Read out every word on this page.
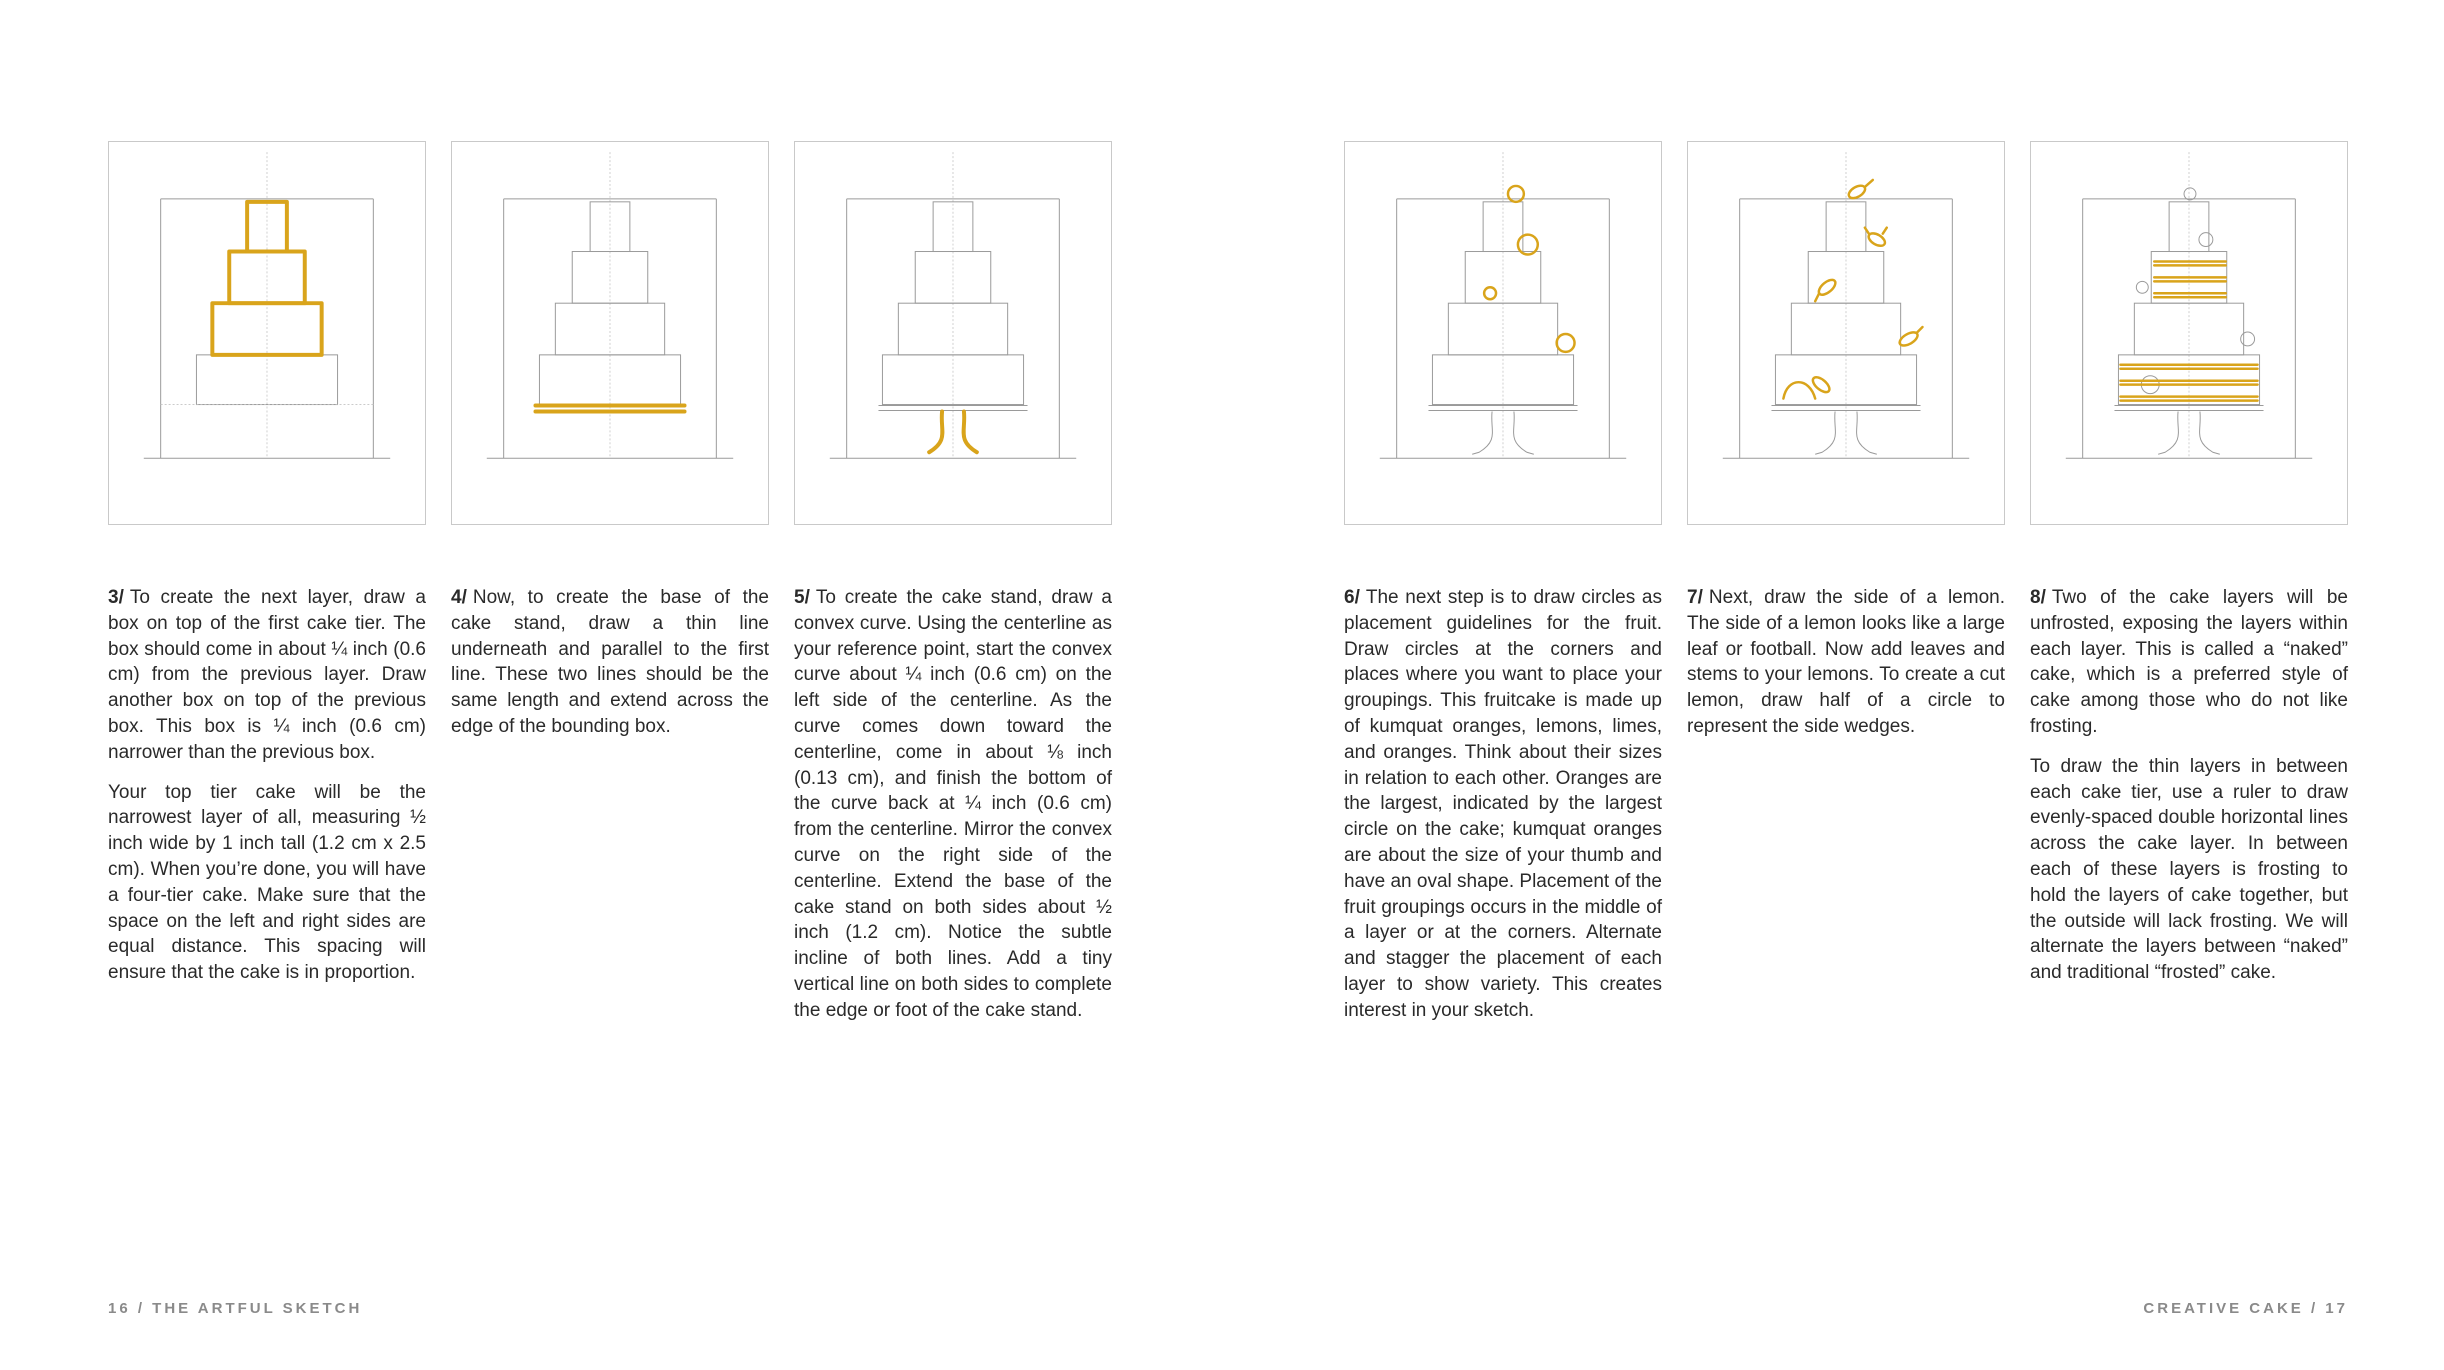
3/ To create the next layer, draw a box on top of the first cake tier. The box should come in about ¼ inch (0.6 cm) from the previous layer. Draw another box on top of the previous box. This box is ¼ inch (0.6 cm) narrower than the previous box.

Your top tier cake will be the narrowest layer of all, measuring ½ inch wide by 1 inch tall (1.2 cm x 2.5 cm). When you’re done, you will have a four-tier cake. Make sure that the space on the left and right sides are equal distance. This spacing will ensure that the cake is in proportion.

4/ Now, to create the base of the cake stand, draw a thin line underneath and parallel to the first line. These two lines should be the same length and extend across the edge of the bounding box.

5/ To create the cake stand, draw a convex curve. Using the centerline as your reference point, start the convex curve about ¼ inch (0.6 cm) on the left side of the centerline. As the curve comes down toward the centerline, come in about ⅛ inch (0.13 cm), and finish the bottom of the curve back at ¼ inch (0.6 cm) from the centerline. Mirror the convex curve on the right side of the centerline. Extend the base of the cake stand on both sides about ½ inch (1.2 cm). Notice the subtle incline of both lines. Add a tiny vertical line on both sides to complete the edge or foot of the cake stand.

6/ The next step is to draw circles as placement guidelines for the fruit. Draw circles at the corners and places where you want to place your groupings. This fruitcake is made up of kumquat oranges, lemons, limes, and oranges. Think about their sizes in relation to each other. Oranges are the largest, indicated by the largest circle on the cake; kumquat oranges are about the size of your thumb and have an oval shape. Placement of the fruit groupings occurs in the middle of a layer or at the corners. Alternate and stagger the placement of each layer to show variety. This creates interest in your sketch.

7/ Next, draw the side of a lemon. The side of a lemon looks like a large leaf or football. Now add leaves and stems to your lemons. To create a cut lemon, draw half of a circle to represent the side wedges.

8/ Two of the cake layers will be unfrosted, exposing the layers within each layer. This is called a “naked” cake, which is a preferred style of cake among those who do not like frosting.

To draw the thin layers in between each cake tier, use a ruler to draw evenly-spaced double horizontal lines across the cake layer. In between each of these layers is frosting to hold the layers of cake together, but the outside will lack frosting. We will alternate the layers between “naked” and traditional “frosted” cake.

16 / THE ARTFUL SKETCH	CREATIVE CAKE / 17
